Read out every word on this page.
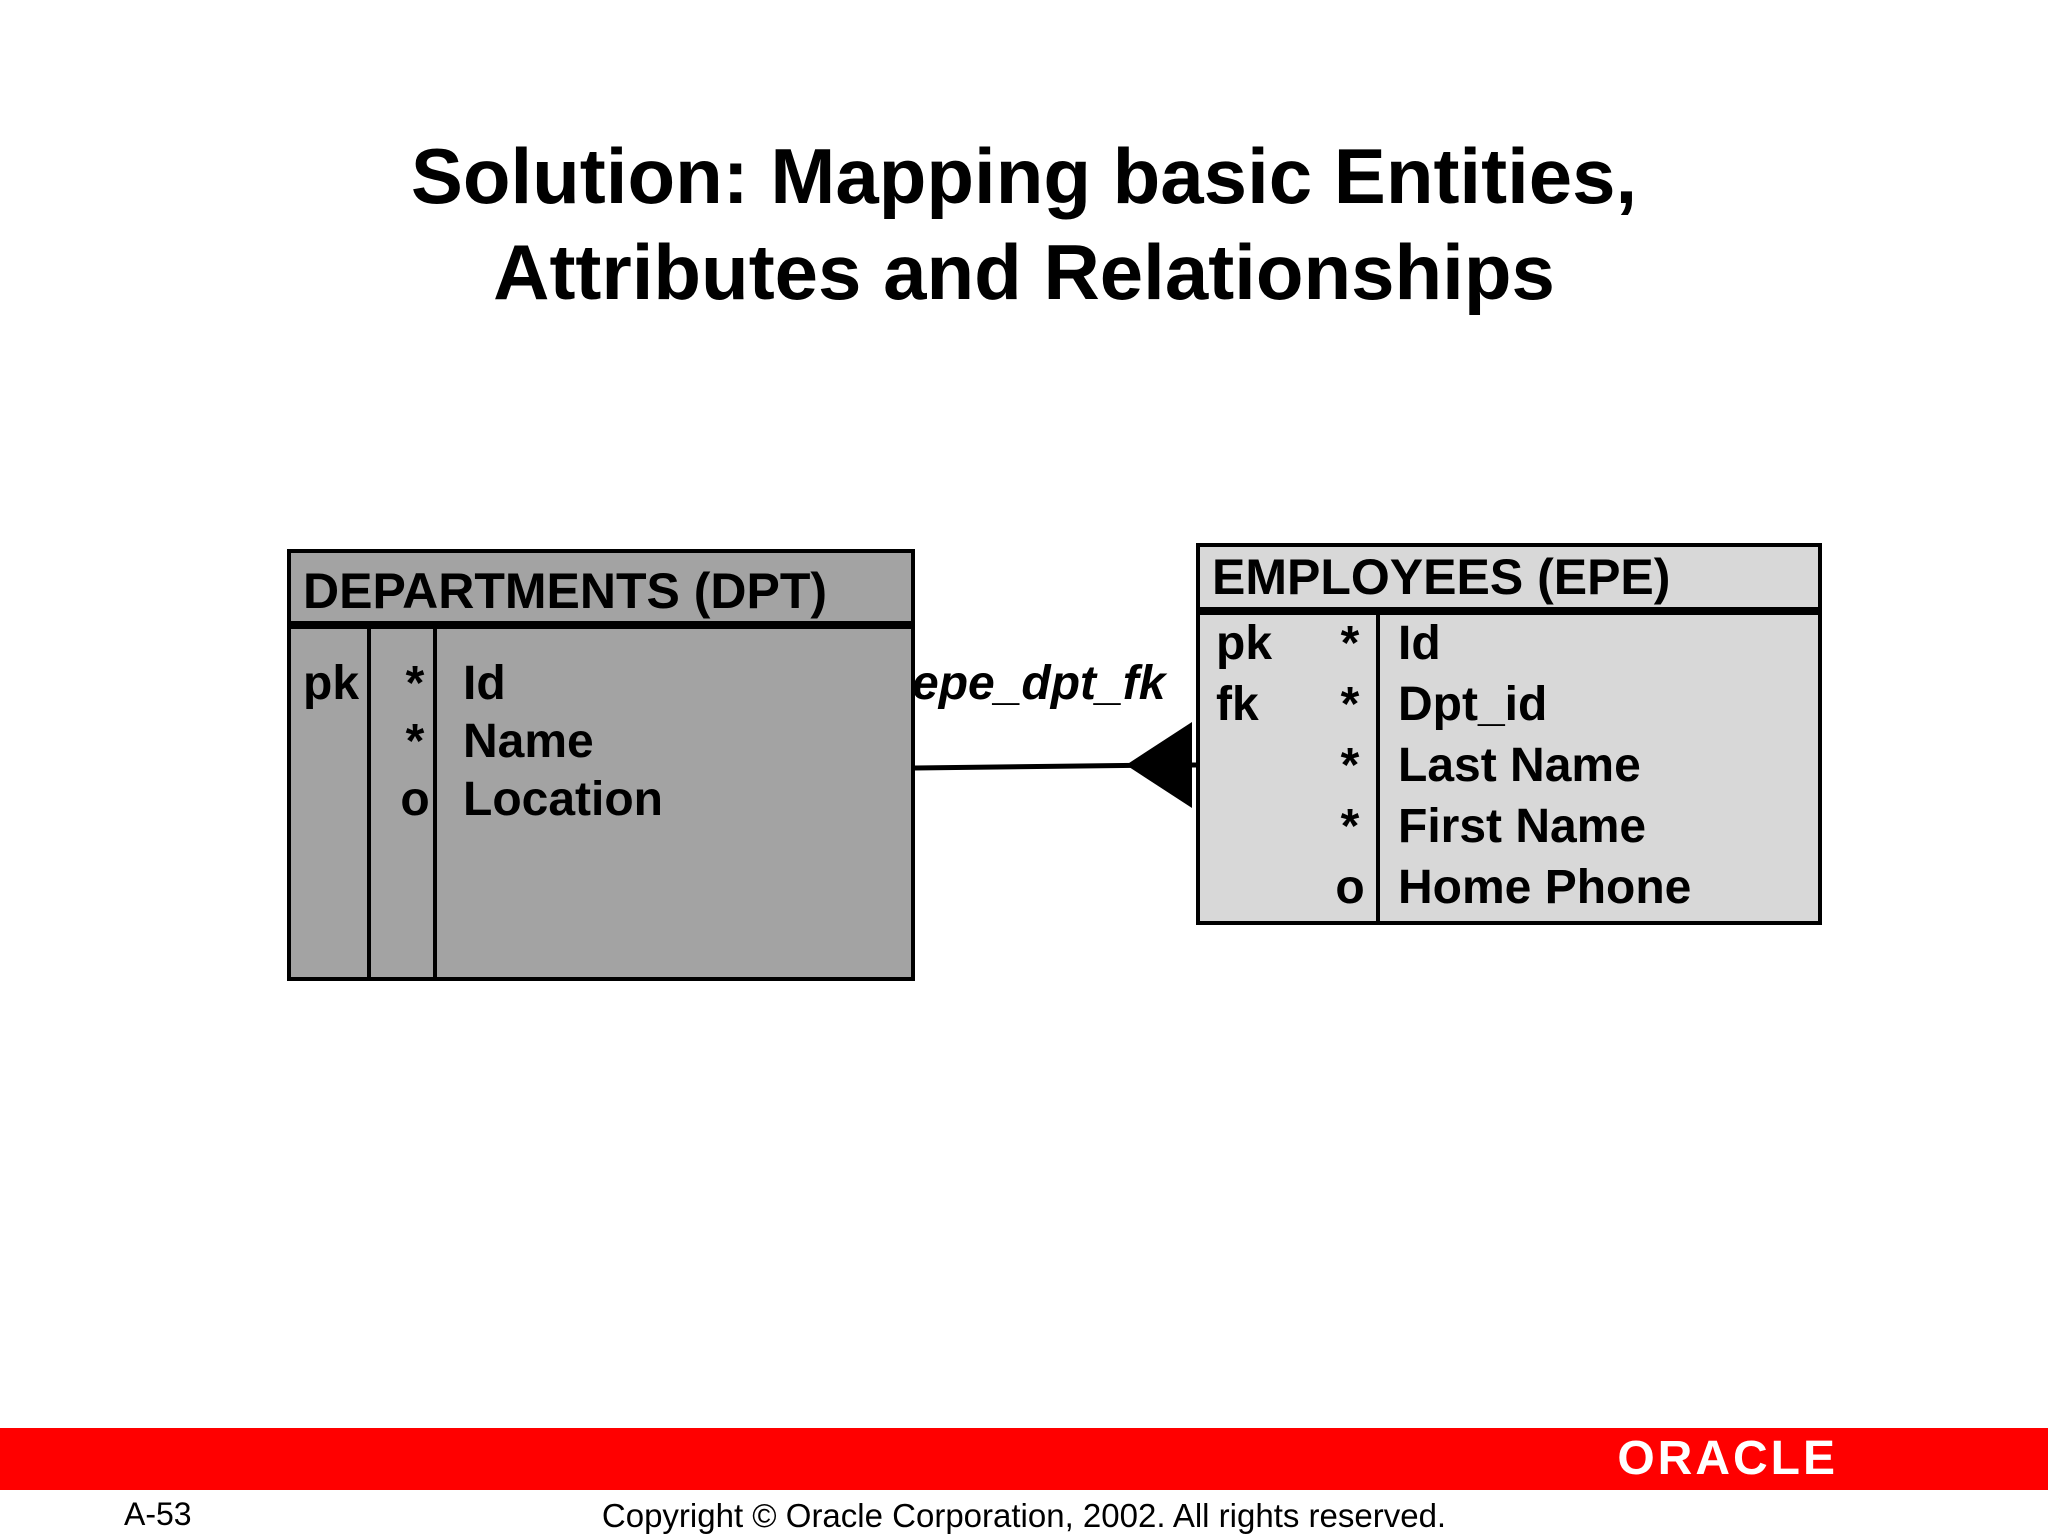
Solution: Mapping basic Entities,
Attributes and Relationships
DEPARTMENTS (DPT)
pk

*
*
o
Id
Name
Location
epe_dpt_fk
EMPLOYEES (EPE)
pk
fk
*
*
*
*
o
Id
Dpt_id
Last Name
First Name
Home Phone
ORACLE
A-53	Copyright © Oracle Corporation, 2002. All rights reserved.
